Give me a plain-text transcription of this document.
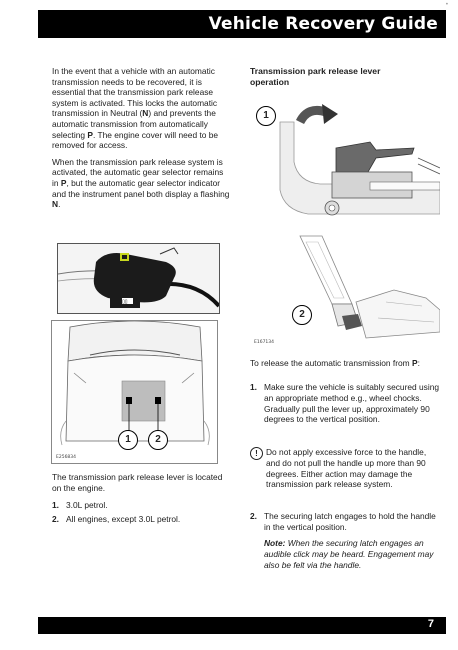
Vehicle Recovery Guide
•

In the event that a vehicle with an automatic transmission needs to be recovered, it is essential that the transmission park release system is activated. This locks the automatic transmission in Neutral (N) and prevents the automatic transmission from automatically selecting P. The engine cover will need to be removed for access.

When the transmission park release system is activated, the automatic gear selector remains in P, but the automatic gear selector indicator and the instrument panel both display a flashing N.

▯▯
1	2
E256834
The transmission park release lever is located on the engine.
1. 3.0L petrol.
2. All engines, except 3.0L petrol.
Transmission park release lever operation
1
2
E167134
To release the automatic transmission from P:
1. Make sure the vehicle is suitably secured using an appropriate method e.g., wheel chocks. Gradually pull the lever up, approximately 90 degrees to the vertical position.
! Do not apply excessive force to the handle, and do not pull the handle up more than 90 degrees. Either action may damage the transmission park release system.
2. The securing latch engages to hold the handle in the vertical position.
Note: When the securing latch engages an audible click may be heard. Engagement may also be felt via the handle.
7
